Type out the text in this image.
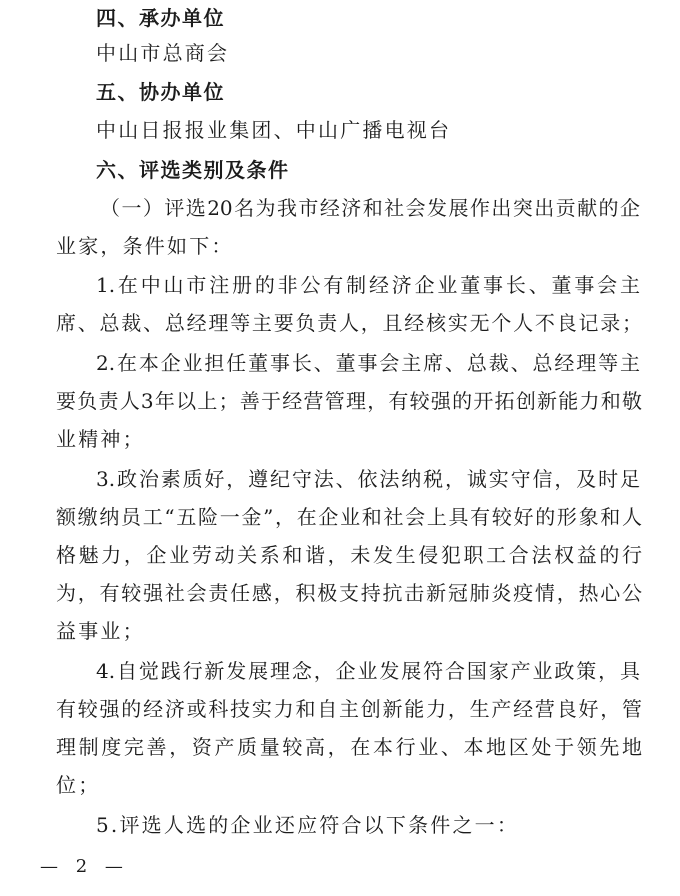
四、承办单位
中山市总商会
五、协办单位
中山日报报业集团、中山广播电视台
六、评选类别及条件
（一）评选20名为我市经济和社会发展作出突出贡献的企
业家，条件如下：
1.在中山市注册的非公有制经济企业董事长、董事会主
席、总裁、总经理等主要负责人，且经核实无个人不良记录；
2.在本企业担任董事长、董事会主席、总裁、总经理等主
要负责人3年以上；善于经营管理，有较强的开拓创新能力和敬
业精神；
3.政治素质好，遵纪守法、依法纳税，诚实守信，及时足
额缴纳员工“五险一金”，在企业和社会上具有较好的形象和人
格魅力，企业劳动关系和谐，未发生侵犯职工合法权益的行
为，有较强社会责任感，积极支持抗击新冠肺炎疫情，热心公
益事业；
4.自觉践行新发展理念，企业发展符合国家产业政策，具
有较强的经济或科技实力和自主创新能力，生产经营良好，管
理制度完善，资产质量较高，在本行业、本地区处于领先地
位；
5.评选人选的企业还应符合以下条件之一：
— 2 —
